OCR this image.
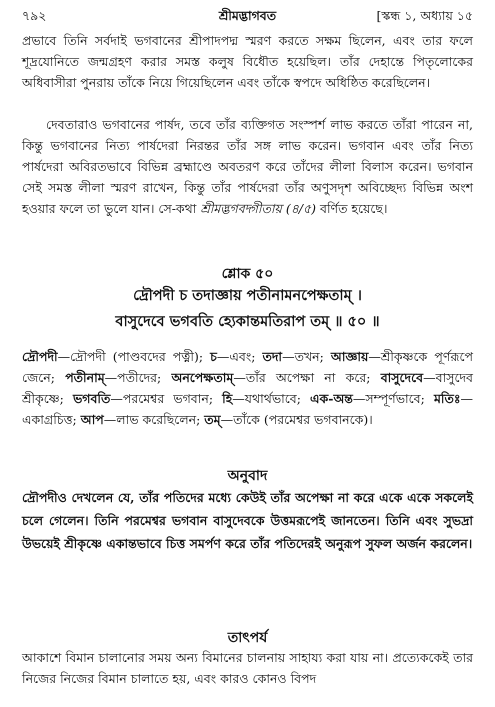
৭৯২	শ্রীমদ্ভাগবত	[স্কন্ধ ১, অধ্যায় ১৫

প্রভাবে তিনি সর্বদাই ভগবানের শ্রীপাদপদ্ম স্মরণ করতে সক্ষম ছিলেন, এবং তার ফলে শূদ্রযোনিতে জন্মগ্রহণ করার সমস্ত কলুষ বিধৌত হয়েছিল। তাঁর দেহান্তে পিতৃলোকের অধিবাসীরা পুনরায় তাঁকে নিয়ে গিয়েছিলেন এবং তাঁকে স্বপদে অধিষ্ঠিত করেছিলেন।

দেবতারাও ভগবানের পার্ষদ, তবে তাঁর ব্যক্তিগত সংস্পর্শ লাভ করতে তাঁরা পারেন না, কিন্তু ভগবানের নিত্য পার্ষদেরা নিরন্তর তাঁর সঙ্গ লাভ করেন। ভগবান এবং তাঁর নিত্য পার্ষদেরা অবিরতভাবে বিভিন্ন ব্রহ্মাণ্ডে অবতরণ করে তাঁদের লীলা বিলাস করেন। ভগবান সেই সমস্ত লীলা স্মরণ রাখেন, কিন্তু তাঁর পার্ষদেরা তাঁর অণুসদৃশ অবিচ্ছেদ্য বিভিন্ন অংশ হওয়ার ফলে তা ভুলে যান। সে-কথা শ্রীমদ্ভগবদ্গীতায় (৪/৫) বর্ণিত হয়েছে।

শ্লোক ৫০
দ্রৌপদী চ তদাজ্ঞায় পতীনামনপেক্ষতাম্ ।
বাসুদেবে ভগবতি হ্যেকান্তমতিরাপ তম্ ॥ ৫০ ॥

দ্রৌপদী—দ্রৌপদী (পাণ্ডবদের পত্নী); চ—এবং; তদা—তখন; আজ্ঞায়—শ্রীকৃষ্ণকে পূর্ণরূপে জেনে; পতীনাম্—পতীদের; অনপেক্ষতাম্—তাঁর অপেক্ষা না করে; বাসুদেবে—বাসুদেব শ্রীকৃষ্ণে; ভগবতি—পরমেশ্বর ভগবান; হি—যথার্থভাবে; এক-অন্ত—সম্পূর্ণভাবে; মতিঃ—একাগ্রচিত্ত; আপ—লাভ করেছিলেন; তম্—তাঁকে (পরমেশ্বর ভগবানকে)।

অনুবাদ

দ্রৌপদীও দেখলেন যে, তাঁর পতিদের মধ্যে কেউই তাঁর অপেক্ষা না করে একে একে সকলেই চলে গেলেন। তিনি পরমেশ্বর ভগবান বাসুদেবকে উত্তমরূপেই জানতেন। তিনি এবং সুভদ্রা উভয়েই শ্রীকৃষ্ণে একান্তভাবে চিত্ত সমর্পণ করে তাঁর পতিদেরই অনুরূপ সুফল অর্জন করলেন।

তাৎপর্য

আকাশে বিমান চালানোর সময় অন্য বিমানের চালনায় সাহায্য করা যায় না। প্রত্যেককেই তার নিজের নিজের বিমান চালাতে হয়, এবং কারও কোনও বিপদ
